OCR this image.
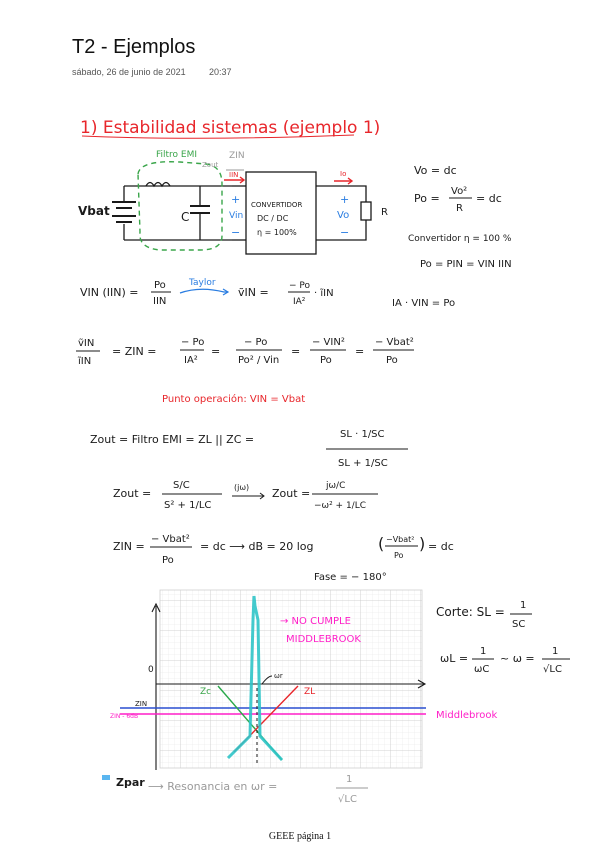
T2 - Ejemplos
sábado, 26 de junio de 2021	20:37
1) Estabilidad sistemas (ejemplo 1)
Filtro EMI
Zout
ZIN
IIN	Io
Vbat	C
+
Vin
−
CONVERTIDOR
DC / DC
η = 100%
+
Vo
−
R
Vo = dc
Po =
Vo²
R
= dc
Convertidor η = 100 %
Po = PIN = VIN IIN
VIN (IIN) =
Po
IIN
Taylor
ṽIN = − Po
IA²
· ĩIN
IA · VIN = Po
ṽIN
ĩIN
= ZIN =
− Po
IA²
=
− Po
Po² / Vin
=
− VIN²
Po
=
− Vbat²
Po
Punto operación: VIN = Vbat
Zout = Filtro EMI = ZL || ZC =	SL · 1/SC
SL + 1/SC
Zout =
S/C
S² + 1/LC
(jω) Zout =
jω/C
−ω² + 1/LC
ZIN =
− Vbat²
Po
= dc ⟶ dB = 20 log	( −Vbat²
Po
) = dc
Fase = − 180°
→ NO CUMPLE
MIDDLEBROOK
0
ZIN
ZIN - 6dB
Zc	ZL
ωr
Middlebrook
Zpar ⟶ Resonancia en ωr =
1
√LC
Corte: SL = 1
SC
ωL =
1
ωC
~ ω =
1
√LC
GEEE página 1
